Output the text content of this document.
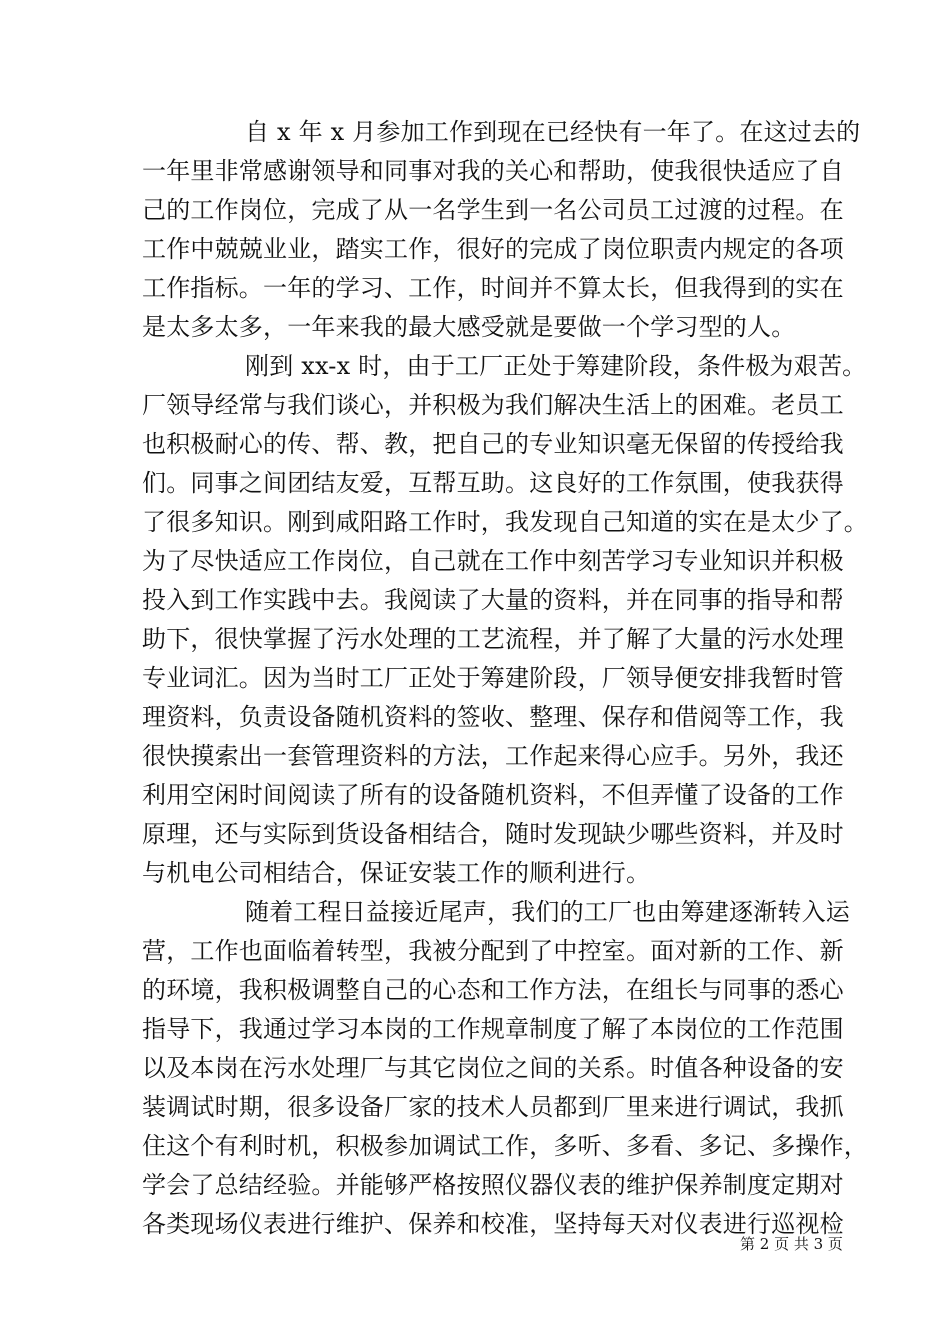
自 x 年 x 月参加工作到现在已经快有一年了。在这过去的
一年里非常感谢领导和同事对我的关心和帮助，使我很快适应了自
己的工作岗位，完成了从一名学生到一名公司员工过渡的过程。在
工作中兢兢业业，踏实工作，很好的完成了岗位职责内规定的各项
工作指标。一年的学习、工作，时间并不算太长，但我得到的实在
是太多太多，一年来我的最大感受就是要做一个学习型的人。
刚到 xx-x 时，由于工厂正处于筹建阶段，条件极为艰苦。
厂领导经常与我们谈心，并积极为我们解决生活上的困难。老员工
也积极耐心的传、帮、教，把自己的专业知识毫无保留的传授给我
们。同事之间团结友爱，互帮互助。这良好的工作氛围，使我获得
了很多知识。刚到咸阳路工作时，我发现自己知道的实在是太少了。
为了尽快适应工作岗位，自己就在工作中刻苦学习专业知识并积极
投入到工作实践中去。我阅读了大量的资料，并在同事的指导和帮
助下，很快掌握了污水处理的工艺流程，并了解了大量的污水处理
专业词汇。因为当时工厂正处于筹建阶段，厂领导便安排我暂时管
理资料，负责设备随机资料的签收、整理、保存和借阅等工作，我
很快摸索出一套管理资料的方法，工作起来得心应手。另外，我还
利用空闲时间阅读了所有的设备随机资料，不但弄懂了设备的工作
原理，还与实际到货设备相结合，随时发现缺少哪些资料，并及时
与机电公司相结合，保证安装工作的顺利进行。
随着工程日益接近尾声，我们的工厂也由筹建逐渐转入运
营，工作也面临着转型，我被分配到了中控室。面对新的工作、新
的环境，我积极调整自己的心态和工作方法，在组长与同事的悉心
指导下，我通过学习本岗的工作规章制度了解了本岗位的工作范围
以及本岗在污水处理厂与其它岗位之间的关系。时值各种设备的安
装调试时期，很多设备厂家的技术人员都到厂里来进行调试，我抓
住这个有利时机，积极参加调试工作，多听、多看、多记、多操作，
学会了总结经验。并能够严格按照仪器仪表的维护保养制度定期对
各类现场仪表进行维护、保养和校准，坚持每天对仪表进行巡视检
第 2 页 共 3 页
